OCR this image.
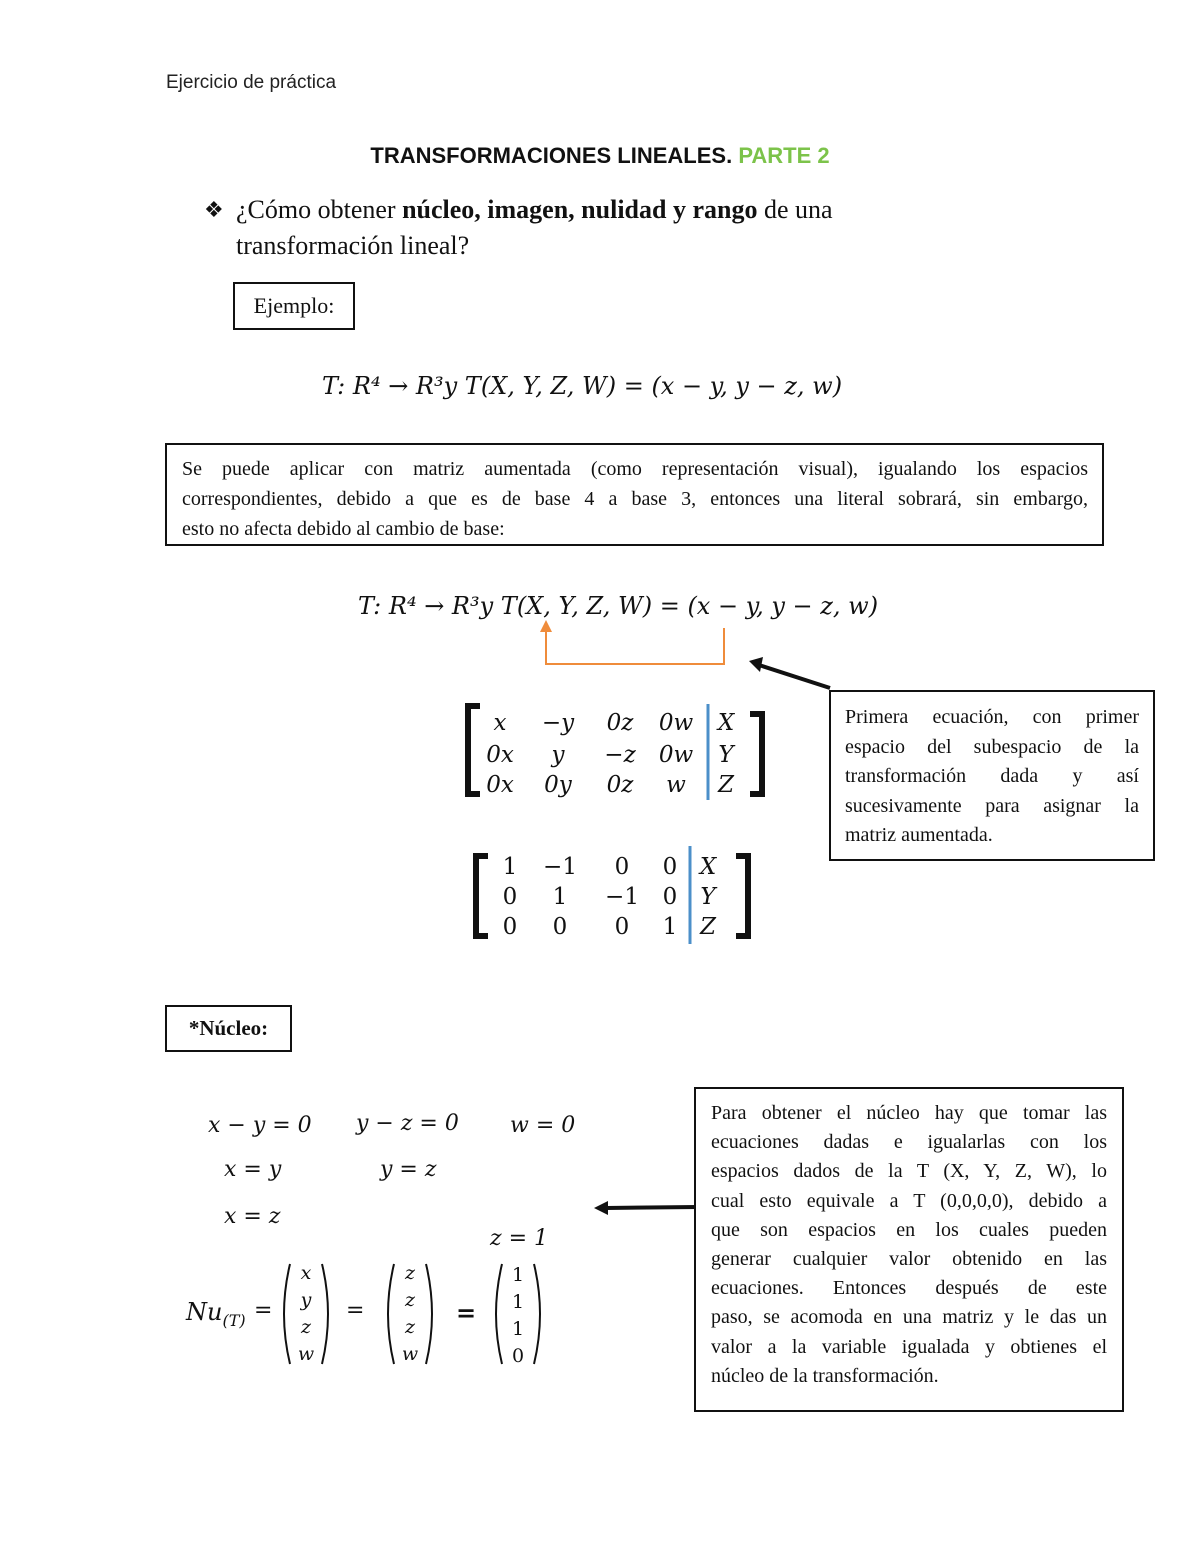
Ejercicio de práctica
TRANSFORMACIONES LINEALES. PARTE 2
❖ ¿Cómo obtener núcleo, imagen, nulidad y rango de una
transformación lineal?
Ejemplo:
T: R⁴ → R³y T(X, Y, Z, W) = (x − y, y − z, w)
Se puede aplicar con matriz aumentada (como representación visual), igualando los espacios
correspondientes, debido a que es de base 4 a base 3, entonces una literal sobrará, sin embargo,
esto no afecta debido al cambio de base:
T: R⁴ → R³y T(X, Y, Z, W) = (x − y, y − z, w)
x	−y	0z	0w	X
0x	y	−z	0w	Y
0x	0y	0z	w	Z
Primera ecuación, con primer
espacio del subespacio de la
transformación dada y así
sucesivamente para asignar la
matriz aumentada.
1	−1	0	0 X
0	1	−1	0	Y
0	0	0	1 Z
*Núcleo:
x − y = 0 y − z = 0 w = 0
x = y	y = z
x = z
z = 1
$Nu_{(T)}$ =
x
y
z
w
=
z
z
z
w
=
1
1
1
0
Para obtener el núcleo hay que tomar las
ecuaciones dadas e igualarlas con los
espacios dados de la T (X, Y, Z, W), lo
cual esto equivale a T (0,0,0,0), debido a
que son espacios en los cuales pueden
generar cualquier valor obtenido en las
ecuaciones. Entonces después de este
paso, se acomoda en una matriz y le das un
valor a la variable igualada y obtienes el
núcleo de la transformación.
